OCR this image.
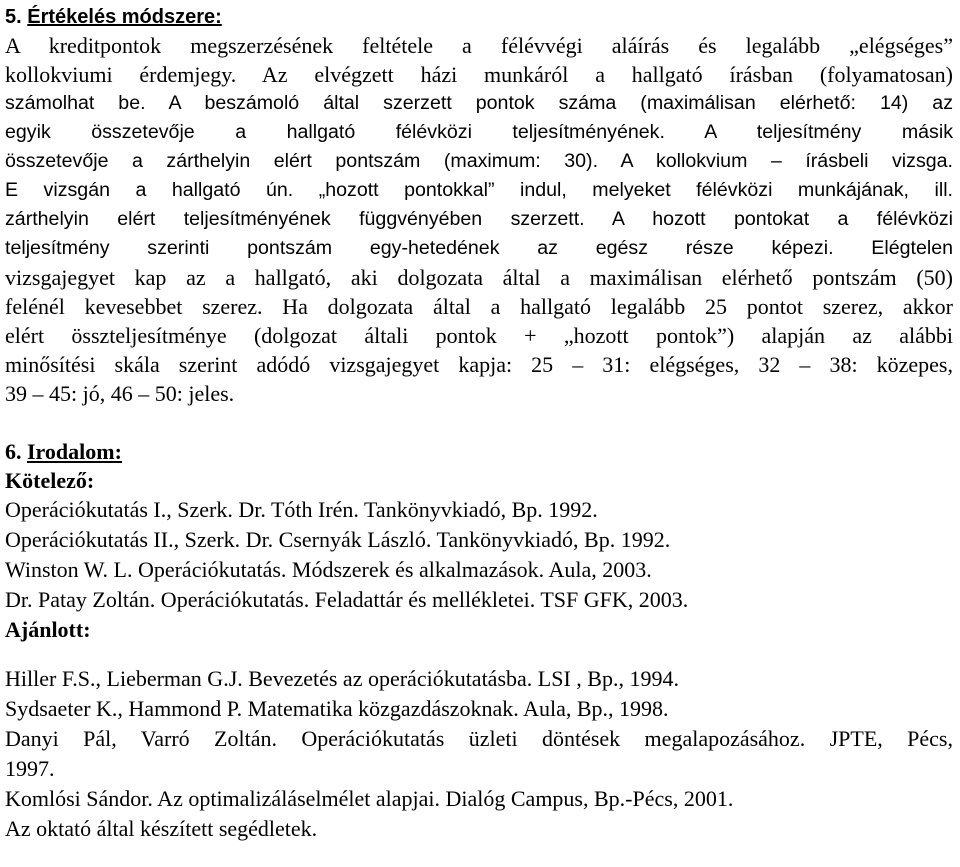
5. Értékelés módszere:
A kreditpontok megszerzésének feltétele a félévvégi aláírás és legalább „elégséges”
kollokviumi érdemjegy. Az elvégzett házi munkáról a hallgató írásban (folyamatosan)
számolhat be. A beszámoló által szerzett pontok száma (maximálisan elérhető: 14) az
egyik összetevője a hallgató félévközi teljesítményének. A teljesítmény másik
összetevője a zárthelyin elért pontszám (maximum: 30). A kollokvium – írásbeli vizsga.
E vizsgán a hallgató ún. „hozott pontokkal” indul, melyeket félévközi munkájának, ill.
zárthelyin elért teljesítményének függvényében szerzett. A hozott pontokat a félévközi
teljesítmény szerinti pontszám egy-hetedének az egész része képezi. Elégtelen
vizsgajegyet kap az a hallgató, aki dolgozata által a maximálisan elérhető pontszám (50)
felénél kevesebbet szerez. Ha dolgozata által a hallgató legalább 25 pontot szerez, akkor
elért összteljesítménye (dolgozat általi pontok + „hozott pontok”) alapján az alábbi
minősítési skála szerint adódó vizsgajegyet kapja: 25 – 31: elégséges, 32 – 38: közepes,
39 – 45: jó, 46 – 50: jeles.
6. Irodalom:
Kötelező:
Operációkutatás I., Szerk. Dr. Tóth Irén. Tankönyvkiadó, Bp. 1992.
Operációkutatás II., Szerk. Dr. Csernyák László. Tankönyvkiadó, Bp. 1992.
Winston W. L. Operációkutatás. Módszerek és alkalmazások. Aula, 2003.
Dr. Patay Zoltán. Operációkutatás. Feladattár és mellékletei. TSF GFK, 2003.
Ajánlott:
Hiller F.S., Lieberman G.J. Bevezetés az operációkutatásba. LSI , Bp., 1994.
Sydsaeter K., Hammond P. Matematika közgazdászoknak. Aula, Bp., 1998.
Danyi Pál, Varró Zoltán. Operációkutatás üzleti döntések megalapozásához. JPTE, Pécs,
1997.
Komlósi Sándor. Az optimalizáláselmélet alapjai. Dialóg Campus, Bp.-Pécs, 2001.
Az oktató által készített segédletek.
